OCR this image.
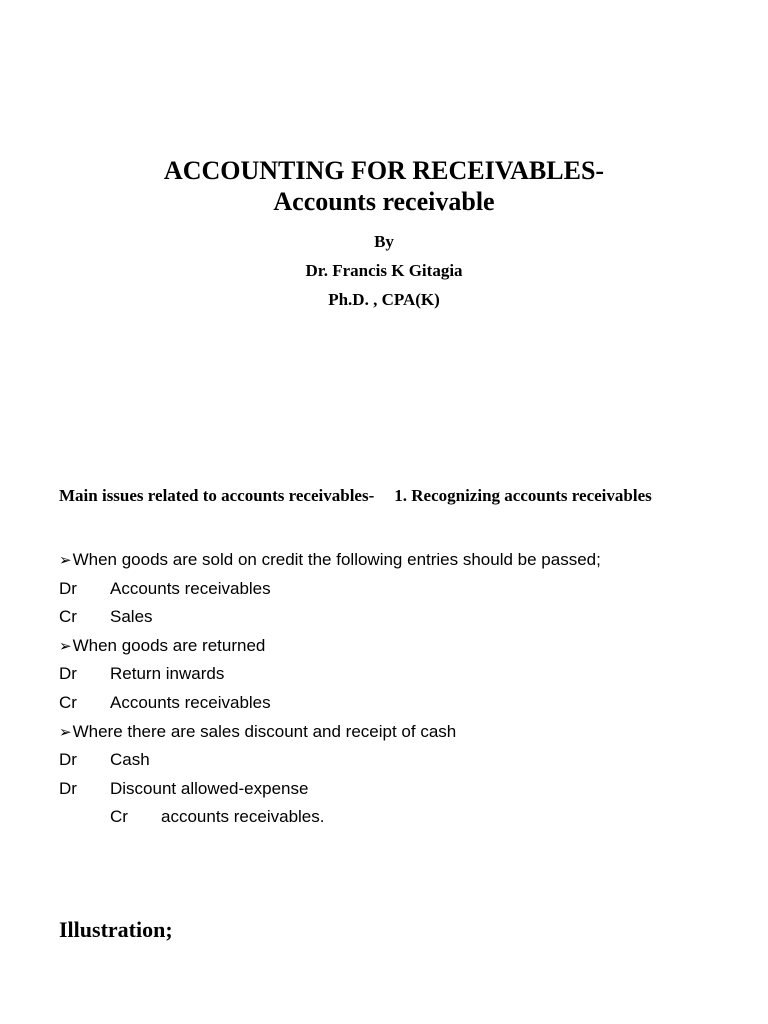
ACCOUNTING FOR RECEIVABLES-
Accounts receivable
By
Dr. Francis K Gitagia
Ph.D. , CPA(K)
Main issues related to accounts receivables- 1. Recognizing accounts receivables
➢When goods are sold on credit the following entries should be passed;
Dr Accounts receivables
Cr Sales
➢When goods are returned
Dr Return inwards
Cr Accounts receivables
➢Where there are sales discount and receipt of cash
Dr Cash
Dr Discount allowed-expense
Cr accounts receivables.
Illustration;
